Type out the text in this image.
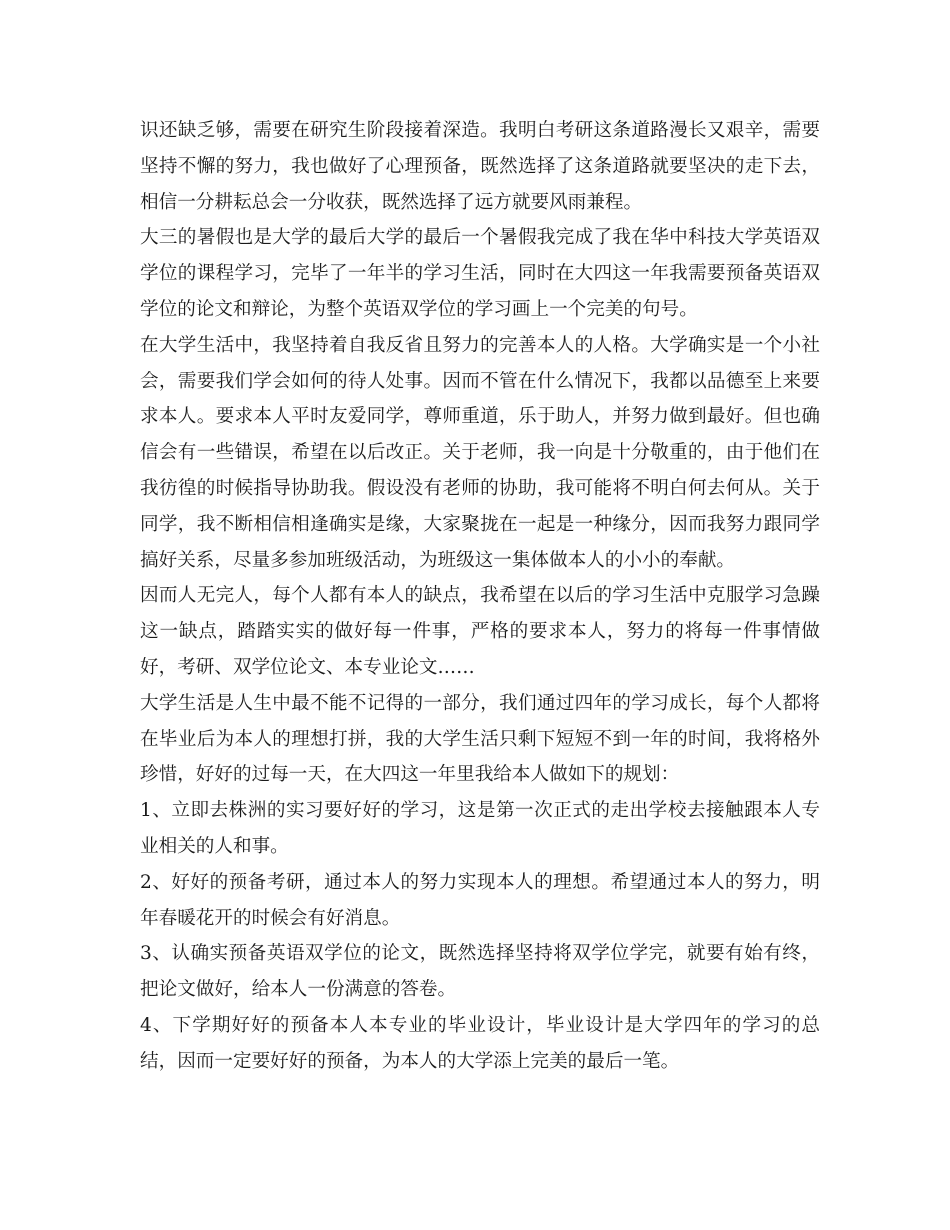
识还缺乏够，需要在研究生阶段接着深造。我明白考研这条道路漫长又艰辛，需要坚持不懈的努力，我也做好了心理预备，既然选择了这条道路就要坚决的走下去，相信一分耕耘总会一分收获，既然选择了远方就要风雨兼程。

大三的暑假也是大学的最后大学的最后一个暑假我完成了我在华中科技大学英语双学位的课程学习，完毕了一年半的学习生活，同时在大四这一年我需要预备英语双学位的论文和辩论，为整个英语双学位的学习画上一个完美的句号。

在大学生活中，我坚持着自我反省且努力的完善本人的人格。大学确实是一个小社会，需要我们学会如何的待人处事。因而不管在什么情况下，我都以品德至上来要求本人。要求本人平时友爱同学，尊师重道，乐于助人，并努力做到最好。但也确信会有一些错误，希望在以后改正。关于老师，我一向是十分敬重的，由于他们在我彷徨的时候指导协助我。假设没有老师的协助，我可能将不明白何去何从。关于同学，我不断相信相逢确实是缘，大家聚拢在一起是一种缘分，因而我努力跟同学搞好关系，尽量多参加班级活动，为班级这一集体做本人的小小的奉献。

因而人无完人，每个人都有本人的缺点，我希望在以后的学习生活中克服学习急躁这一缺点，踏踏实实的做好每一件事，严格的要求本人，努力的将每一件事情做好，考研、双学位论文、本专业论文……

大学生活是人生中最不能不记得的一部分，我们通过四年的学习成长，每个人都将在毕业后为本人的理想打拼，我的大学生活只剩下短短不到一年的时间，我将格外珍惜，好好的过每一天，在大四这一年里我给本人做如下的规划：

1、立即去株洲的实习要好好的学习，这是第一次正式的走出学校去接触跟本人专业相关的人和事。

2、好好的预备考研，通过本人的努力实现本人的理想。希望通过本人的努力，明年春暖花开的时候会有好消息。

3、认确实预备英语双学位的论文，既然选择坚持将双学位学完，就要有始有终，把论文做好，给本人一份满意的答卷。

4、下学期好好的预备本人本专业的毕业设计，毕业设计是大学四年的学习的总结，因而一定要好好的预备，为本人的大学添上完美的最后一笔。
